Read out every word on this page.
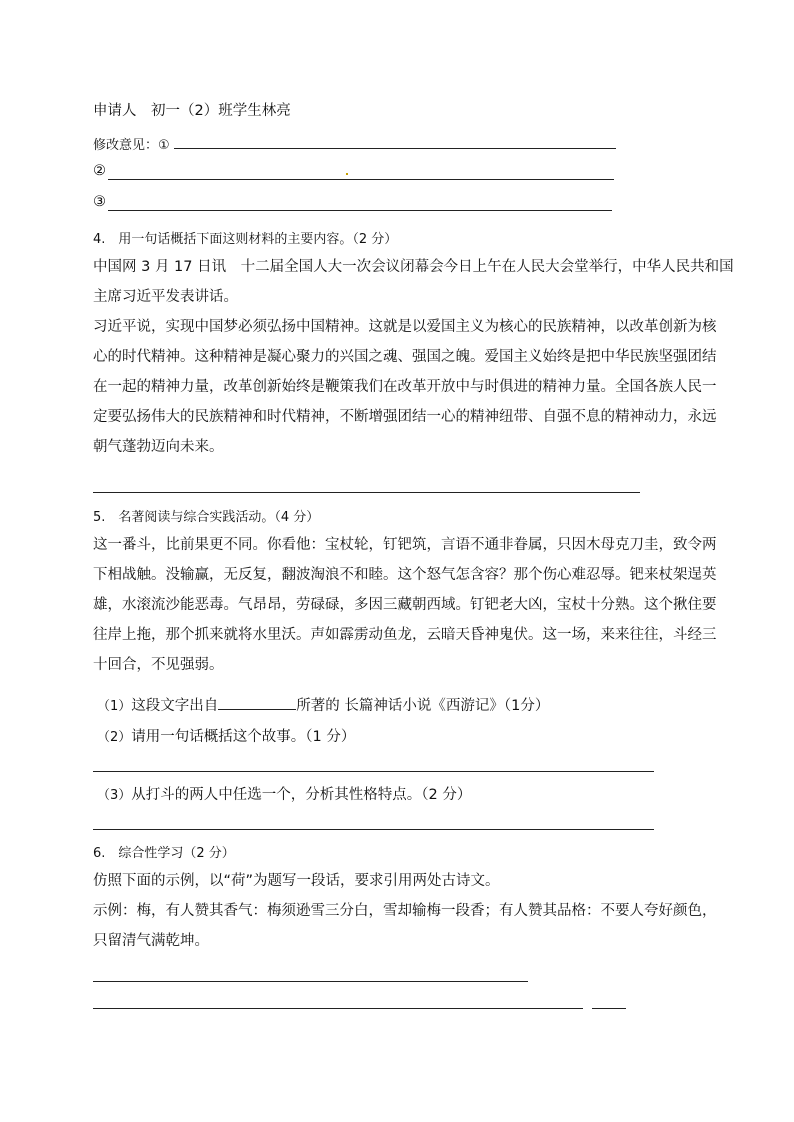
申请人　初一（2）班学生林亮
修改意见：①
②
③
4.　用一句话概括下面这则材料的主要内容。（2 分）
中国网 3 月 17 日讯　十二届全国人大一次会议闭幕会今日上午在人民大会堂举行，中华人民共和国
主席习近平发表讲话。
习近平说，实现中国梦必须弘扬中国精神。这就是以爱国主义为核心的民族精神，以改革创新为核
心的时代精神。这种精神是凝心聚力的兴国之魂、强国之魄。爱国主义始终是把中华民族坚强团结
在一起的精神力量，改革创新始终是鞭策我们在改革开放中与时俱进的精神力量。全国各族人民一
定要弘扬伟大的民族精神和时代精神，不断增强团结一心的精神纽带、自强不息的精神动力，永远
朝气蓬勃迈向未来。
5.　名著阅读与综合实践活动。（4 分）
这一番斗，比前果更不同。你看他：宝杖轮，钉钯筑，言语不通非眷属，只因木母克刀圭，致令两
下相战触。没输赢，无反复，翻波淘浪不和睦。这个怒气怎含容？那个伤心难忍辱。钯来杖架逞英
雄，水滚流沙能恶毒。气昂昂，劳碌碌，多因三藏朝西域。钉钯老大凶，宝杖十分熟。这个揪住要
往岸上拖，那个抓来就将水里沃。声如霹雳动鱼龙，云暗天昏神鬼伏。这一场，来来往往，斗经三
十回合，不见强弱。
（1）这段文字出自	所著的 长篇神话小说《西游记》（1分）
（2）请用一句话概括这个故事。（1 分）
（3）从打斗的两人中任选一个，分析其性格特点。（2 分）
6.　综合性学习（2 分）
仿照下面的示例，以“荷”为题写一段话，要求引用两处古诗文。
示例：梅，有人赞其香气：梅须逊雪三分白，雪却输梅一段香；有人赞其品格：不要人夸好颜色，
只留清气满乾坤。
